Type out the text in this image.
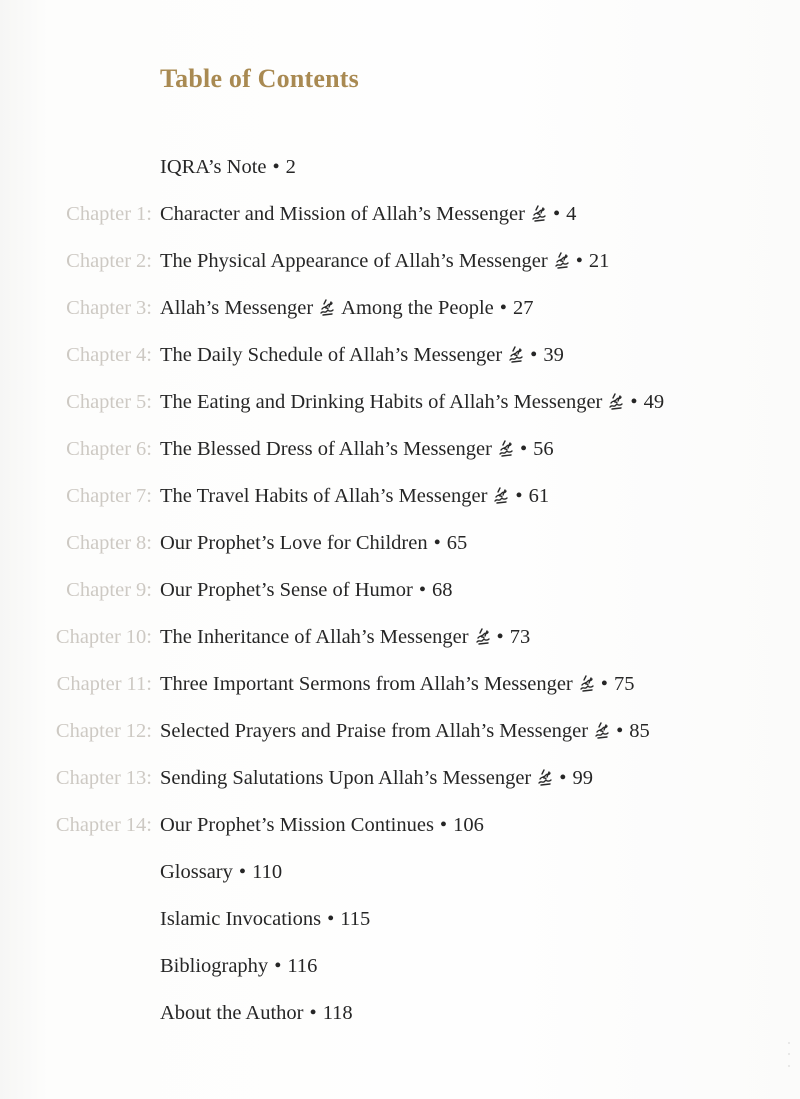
Table of Contents
IQRA’s Note • 2
Chapter 1 : Character and Mission of Allah’s Messenger • 4
Chapter 2 : The Physical Appearance of Allah’s Messenger • 21
Chapter 3 : Allah’s Messenger Among the People • 27
Chapter 4 : The Daily Schedule of Allah’s Messenger • 39
Chapter 5 : The Eating and Drinking Habits of Allah’s Messenger • 49
Chapter 6 : The Blessed Dress of Allah’s Messenger • 56
Chapter 7 : The Travel Habits of Allah’s Messenger • 61
Chapter 8 : Our Prophet’s Love for Children • 65
Chapter 9 : Our Prophet’s Sense of Humor • 68
Chapter 10 : The Inheritance of Allah’s Messenger • 73
Chapter 11 : Three Important Sermons from Allah’s Messenger • 75
Chapter 12 : Selected Prayers and Praise from Allah’s Messenger • 85
Chapter 13 : Sending Salutations Upon Allah’s Messenger • 99
Chapter 14 : Our Prophet’s Mission Continues • 106
Glossary • 110
Islamic Invocations • 115
Bibliography • 116
About the Author • 118
